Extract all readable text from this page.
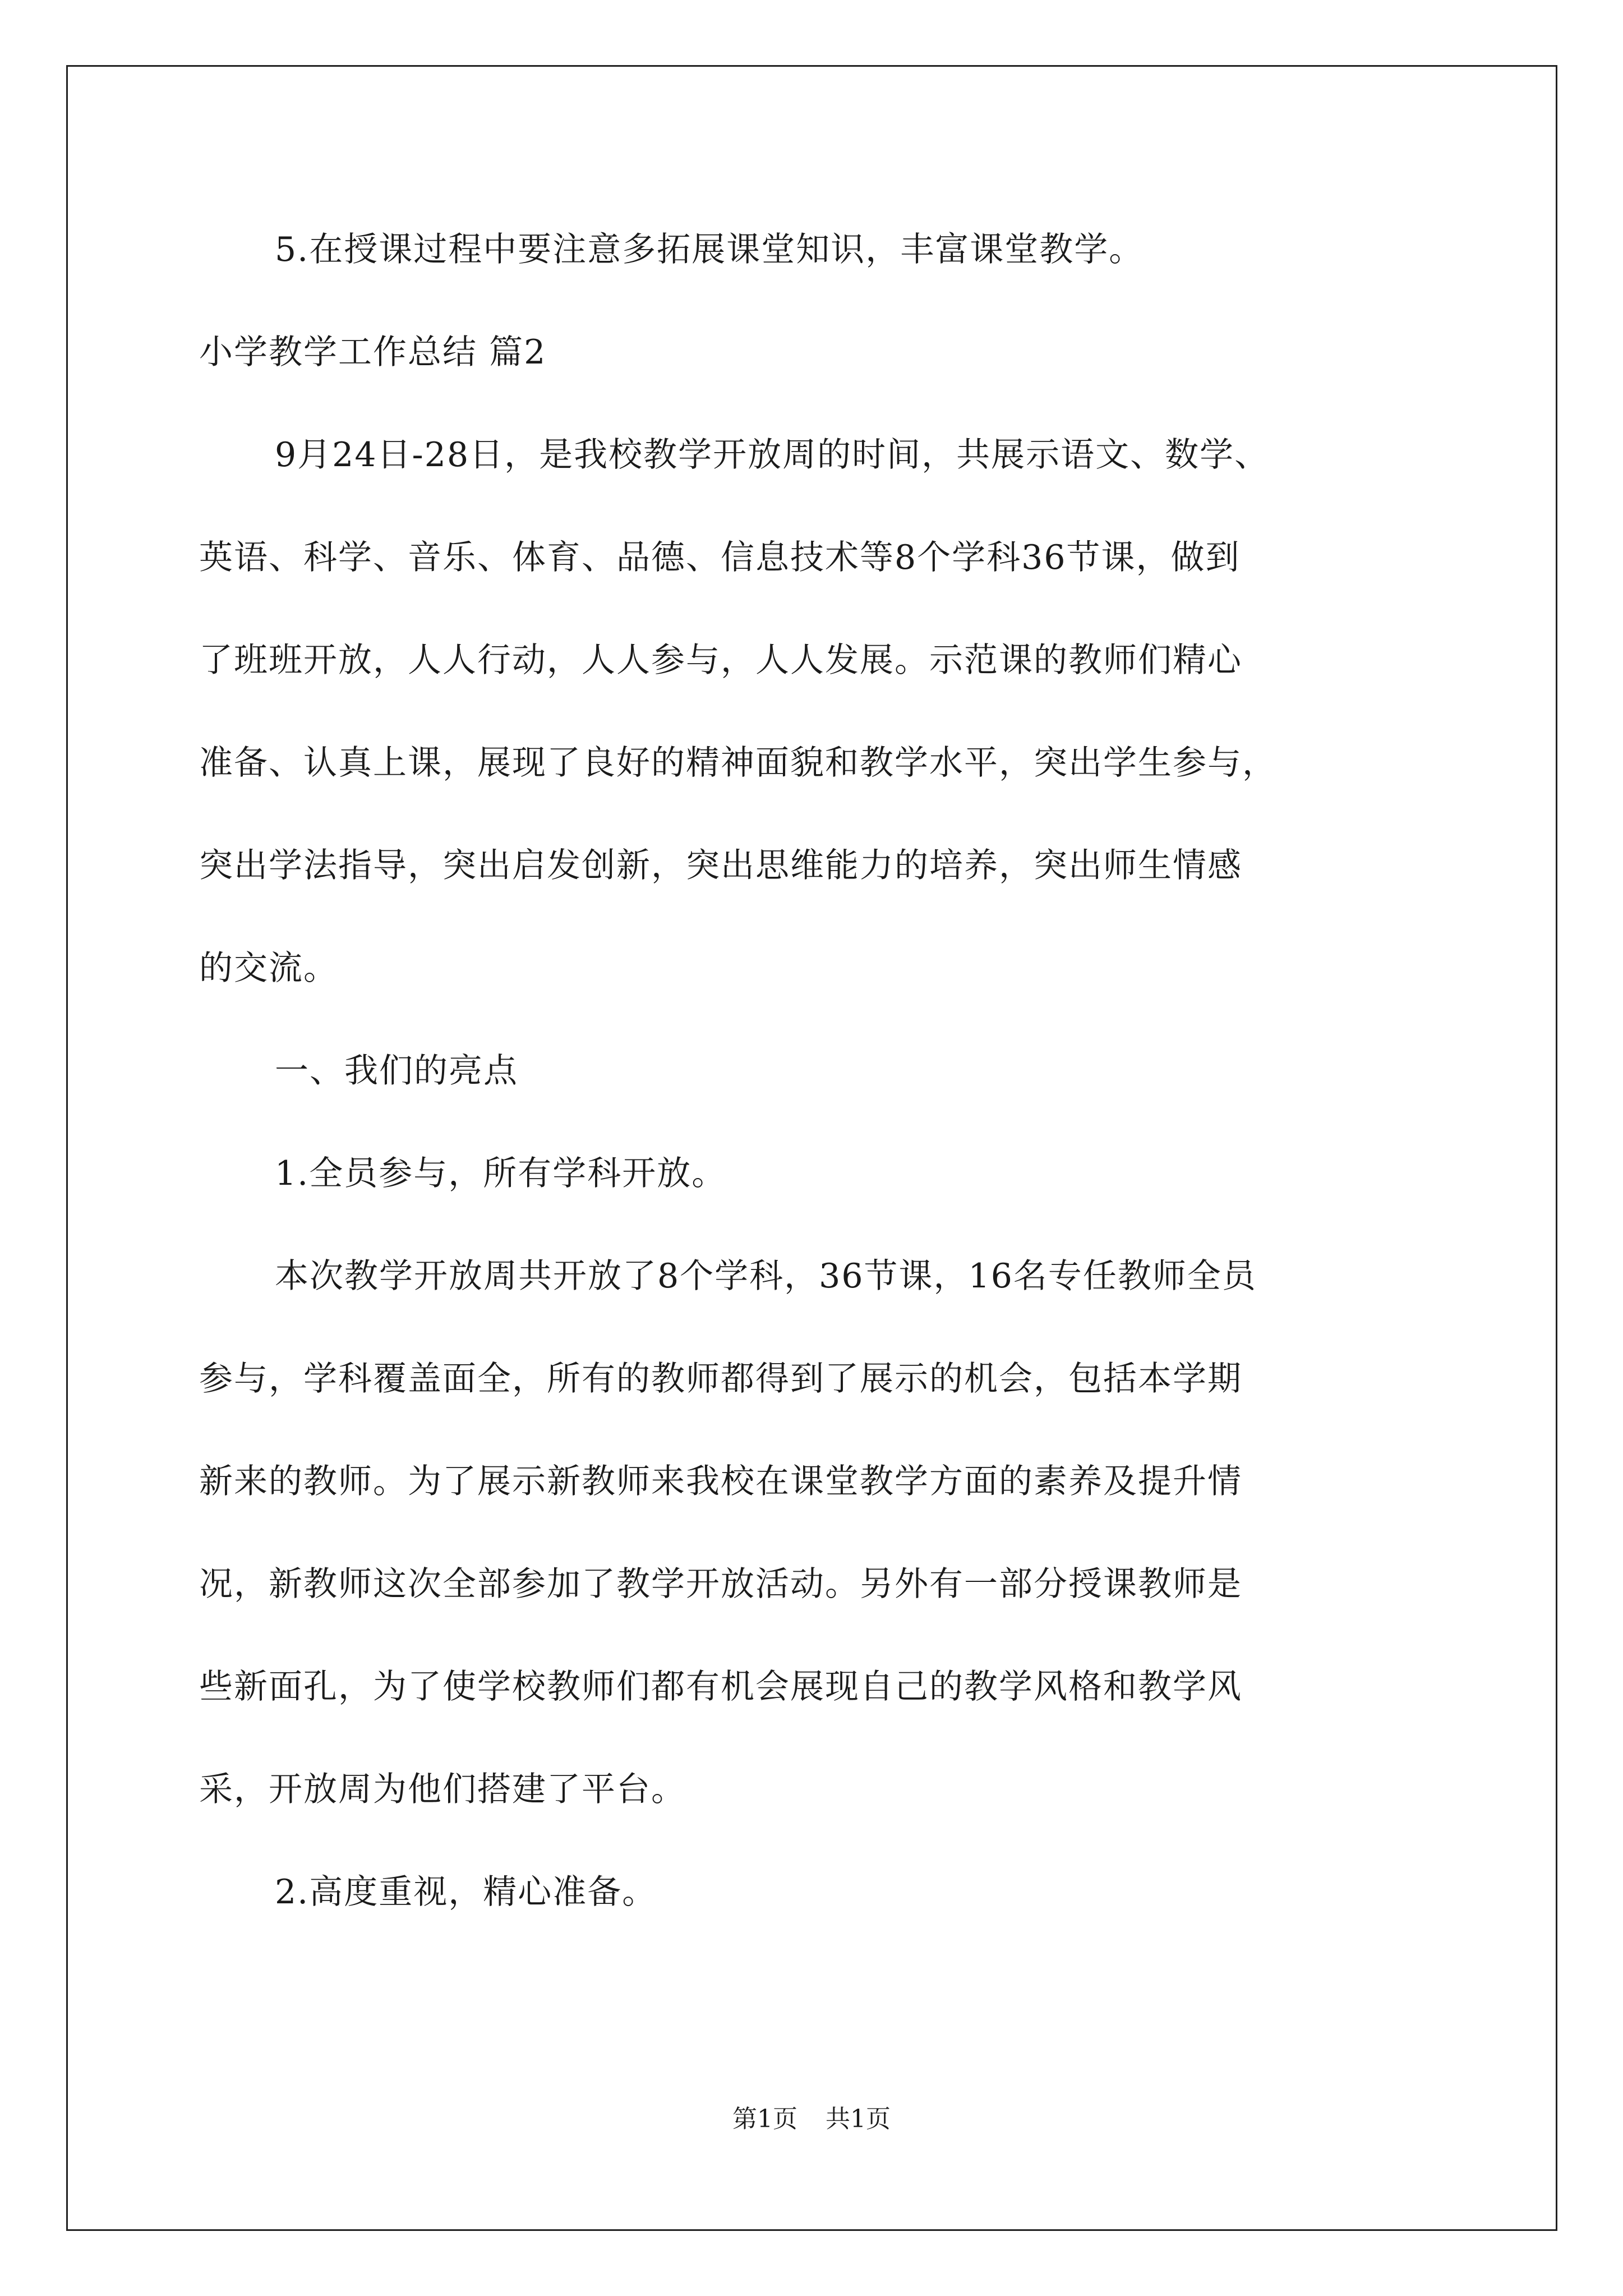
5.在授课过程中要注意多拓展课堂知识，丰富课堂教学。
小学教学工作总结 篇2
9月24日-28日，是我校教学开放周的时间，共展示语文、数学、
英语、科学、音乐、体育、品德、信息技术等8个学科36节课，做到
了班班开放，人人行动，人人参与，人人发展。示范课的教师们精心
准备、认真上课，展现了良好的精神面貌和教学水平，突出学生参与，
突出学法指导，突出启发创新，突出思维能力的培养，突出师生情感
的交流。
一、我们的亮点
1.全员参与，所有学科开放。
本次教学开放周共开放了8个学科，36节课，16名专任教师全员
参与，学科覆盖面全，所有的教师都得到了展示的机会，包括本学期
新来的教师。为了展示新教师来我校在课堂教学方面的素养及提升情
况，新教师这次全部参加了教学开放活动。另外有一部分授课教师是
些新面孔，为了使学校教师们都有机会展现自己的教学风格和教学风
采，开放周为他们搭建了平台。
2.高度重视，精心准备。
第1页 共1页
